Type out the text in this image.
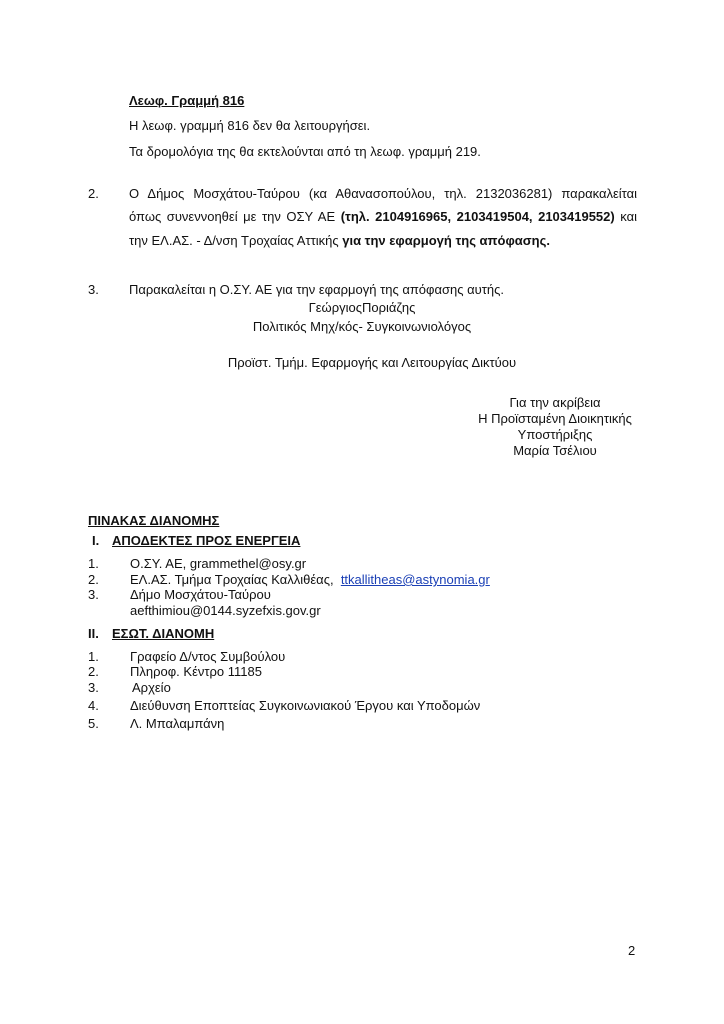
Λεωφ. Γραμμή 816
Η λεωφ. γραμμή 816 δεν θα λειτουργήσει.
Τα δρομολόγια της θα εκτελούνται από τη λεωφ. γραμμή 219.
2. Ο Δήμος Μοσχάτου-Ταύρου (κα Αθανασοπούλου, τηλ. 2132036281) παρακαλείται
όπως συνεννοηθεί με την ΟΣΥ ΑΕ (τηλ. 2104916965, 2103419504, 2103419552) και
την ΕΛ.ΑΣ. - Δ/νση Τροχαίας Αττικής για την εφαρμογή της απόφασης.
3. Παρακαλείται η Ο.ΣΥ. ΑΕ για την εφαρμογή της απόφασης αυτής.
ΓεώργιοςΠοριάζης
Πολιτικός Μηχ/κός- Συγκοινωνιολόγος
Προϊστ. Τμήμ. Εφαρμογής και Λειτουργίας Δικτύου
Για την ακρίβεια
Η Προϊσταμένη Διοικητικής
Υποστήριξης
Μαρία Τσέλιου
ΠΙΝΑΚΑΣ ΔΙΑΝΟΜΗΣ
I. ΑΠΟΔΕΚΤΕΣ ΠΡΟΣ ΕΝΕΡΓΕΙΑ
1. Ο.ΣΥ. ΑΕ, grammethel@osy.gr
2. ΕΛ.ΑΣ. Τμήμα Τροχαίας Καλλιθέας, ttkallitheas@astynomia.gr
3. Δήμο Μοσχάτου-Ταύρου
aefthimiou@0144.syzefxis.gov.gr
II. ΕΣΩΤ. ΔΙΑΝΟΜΗ
1. Γραφείο Δ/ντος Συμβούλου
2. Πληροφ. Κέντρο 11185
3.	Αρχείο
4. Διεύθυνση Εποπτείας Συγκοινωνιακού Έργου και Υποδομών
5. Λ. Μπαλαμπάνη
2
